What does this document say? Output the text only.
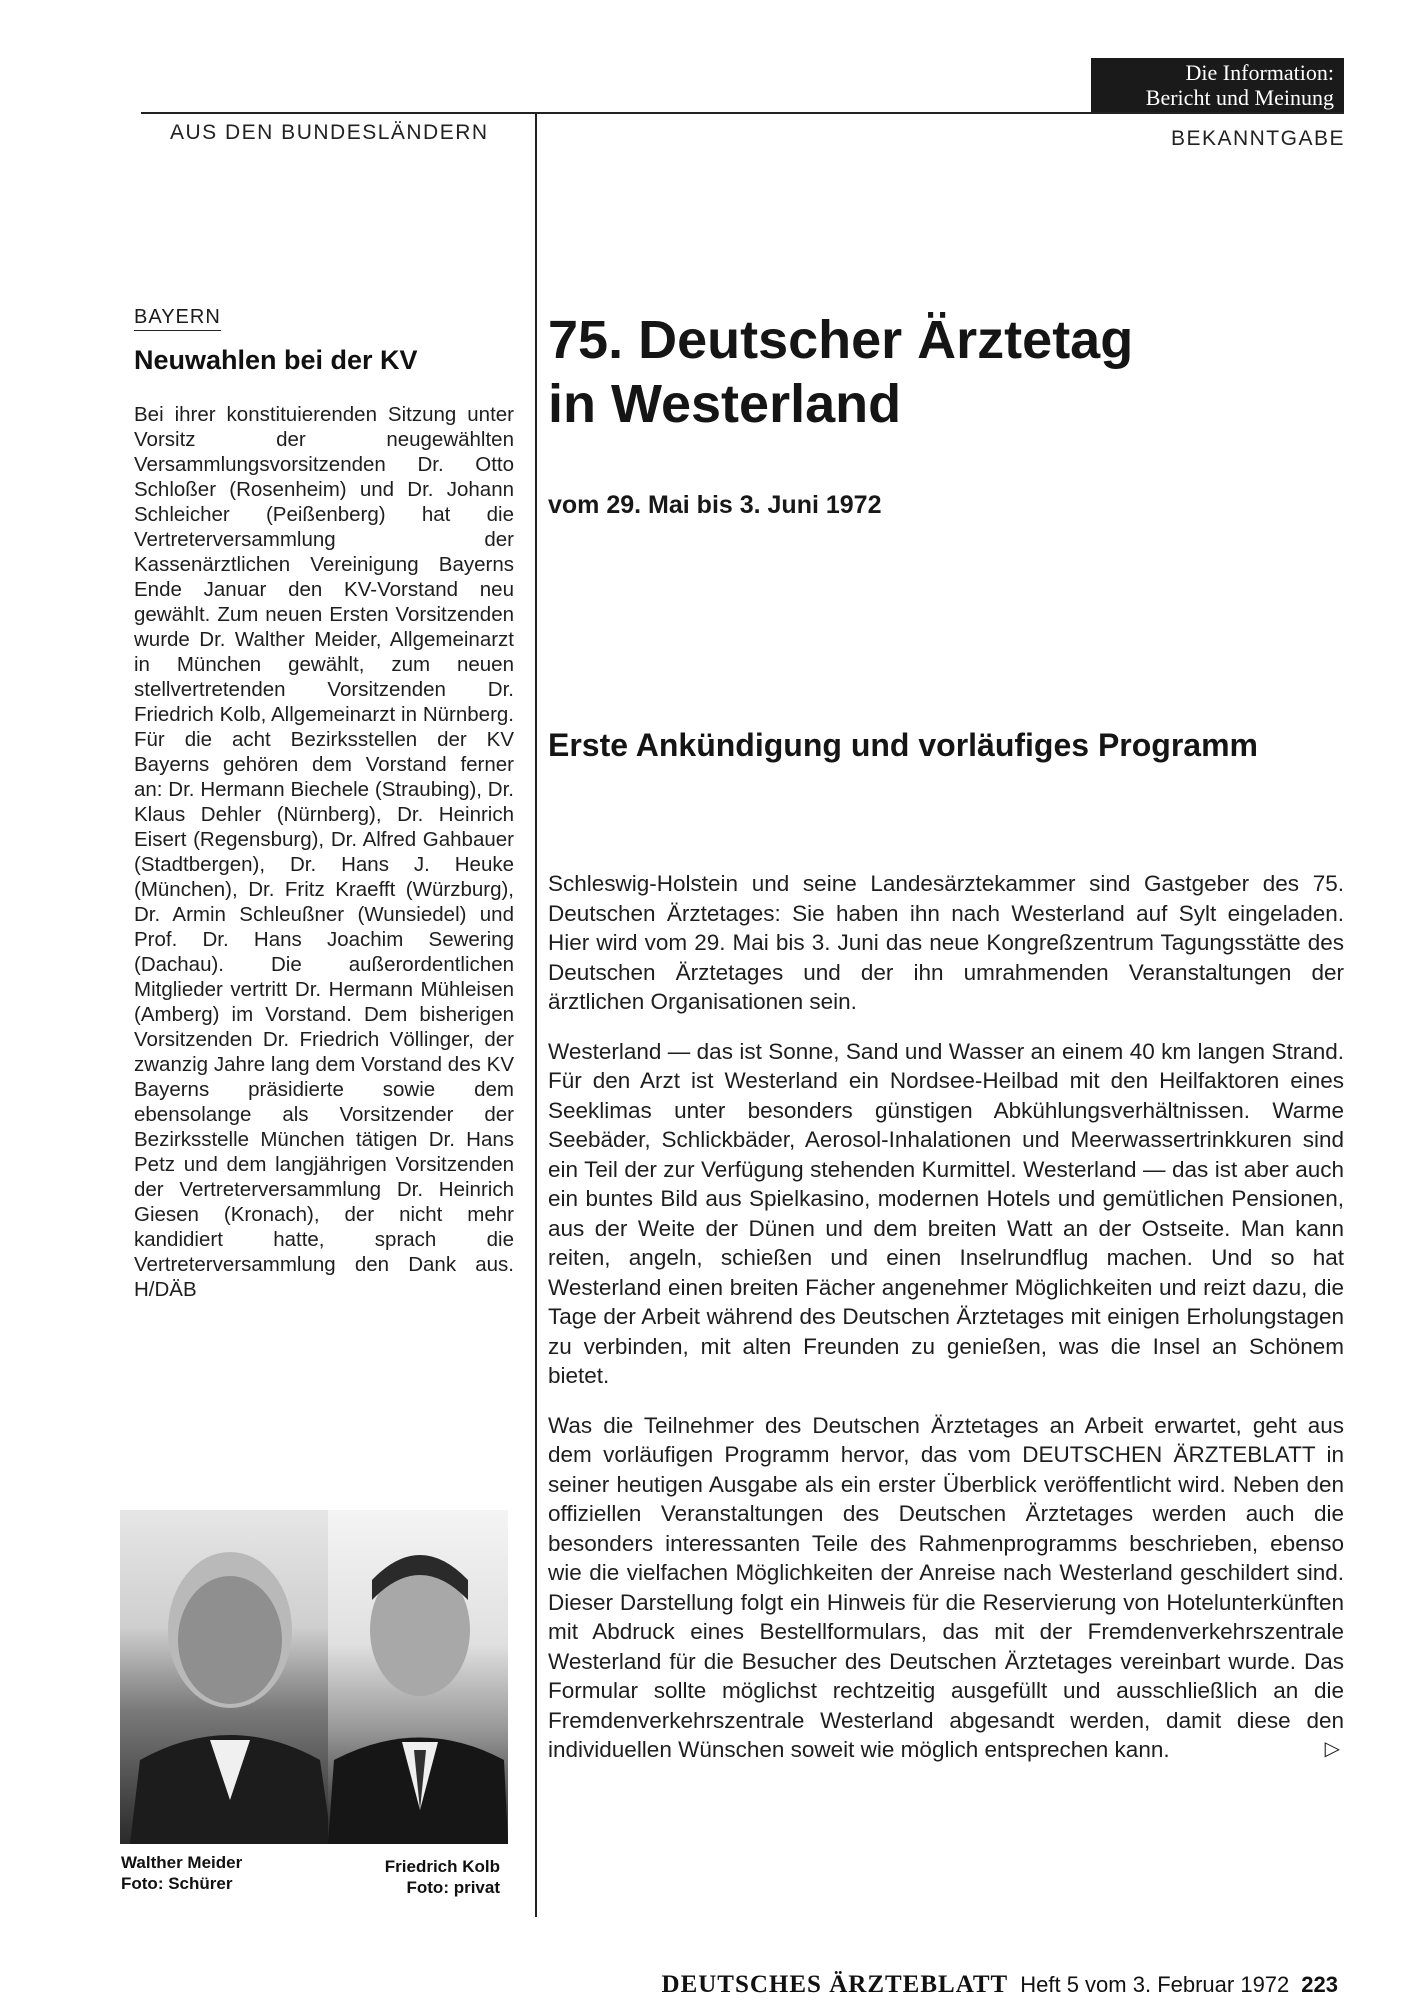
Die Information:
Bericht und Meinung
AUS DEN BUNDESLÄNDERN	BEKANNTGABE
BAYERN
Neuwahlen bei der KV
Bei ihrer konstituierenden Sitzung unter Vorsitz der neugewählten Versammlungsvorsitzenden Dr. Otto Schloßer (Rosenheim) und Dr. Johann Schleicher (Peißenberg) hat die Vertreterversammlung der Kassenärztlichen Vereinigung Bayerns Ende Januar den KV-Vorstand neu gewählt. Zum neuen Ersten Vorsitzenden wurde Dr. Walther Meider, Allgemeinarzt in München gewählt, zum neuen stellvertretenden Vorsitzenden Dr. Friedrich Kolb, Allgemeinarzt in Nürnberg. Für die acht Bezirksstellen der KV Bayerns gehören dem Vorstand ferner an: Dr. Hermann Biechele (Straubing), Dr. Klaus Dehler (Nürnberg), Dr. Heinrich Eisert (Regensburg), Dr. Alfred Gahbauer (Stadtbergen), Dr. Hans J. Heuke (München), Dr. Fritz Kraefft (Würzburg), Dr. Armin Schleußner (Wunsiedel) und Prof. Dr. Hans Joachim Sewering (Dachau). Die außerordentlichen Mitglieder vertritt Dr. Hermann Mühleisen (Amberg) im Vorstand. Dem bisherigen Vorsitzenden Dr. Friedrich Völlinger, der zwanzig Jahre lang dem Vorstand des KV Bayerns präsidierte sowie dem ebensolange als Vorsitzender der Bezirksstelle München tätigen Dr. Hans Petz und dem langjährigen Vorsitzenden der Vertreterversammlung Dr. Heinrich Giesen (Kronach), der nicht mehr kandidiert hatte, sprach die Vertreterversammlung den Dank aus. H/DÄB
Walther Meider
Foto: Schürer
Friedrich Kolb
Foto: privat
75. Deutscher Ärztetag
in Westerland
vom 29. Mai bis 3. Juni 1972
Erste Ankündigung und vorläufiges Programm

Schleswig-Holstein und seine Landesärztekammer sind Gastgeber des 75. Deutschen Ärztetages: Sie haben ihn nach Westerland auf Sylt eingeladen. Hier wird vom 29. Mai bis 3. Juni das neue Kongreßzentrum Tagungsstätte des Deutschen Ärztetages und der ihn umrahmenden Veranstaltungen der ärztlichen Organisationen sein.

Westerland — das ist Sonne, Sand und Wasser an einem 40 km langen Strand. Für den Arzt ist Westerland ein Nordsee-Heilbad mit den Heilfaktoren eines Seeklimas unter besonders günstigen Abkühlungsverhältnissen. Warme Seebäder, Schlickbäder, Aerosol-Inhalationen und Meerwassertrinkkuren sind ein Teil der zur Verfügung stehenden Kurmittel. Westerland — das ist aber auch ein buntes Bild aus Spielkasino, modernen Hotels und gemütlichen Pensionen, aus der Weite der Dünen und dem breiten Watt an der Ostseite. Man kann reiten, angeln, schießen und einen Inselrundflug machen. Und so hat Westerland einen breiten Fächer angenehmer Möglichkeiten und reizt dazu, die Tage der Arbeit während des Deutschen Ärztetages mit einigen Erholungstagen zu verbinden, mit alten Freunden zu genießen, was die Insel an Schönem bietet.

Was die Teilnehmer des Deutschen Ärztetages an Arbeit erwartet, geht aus dem vorläufigen Programm hervor, das vom DEUTSCHEN ÄRZTEBLATT in seiner heutigen Ausgabe als ein erster Überblick veröffentlicht wird. Neben den offiziellen Veranstaltungen des Deutschen Ärztetages werden auch die besonders interessanten Teile des Rahmenprogramms beschrieben, ebenso wie die vielfachen Möglichkeiten der Anreise nach Westerland geschildert sind. Dieser Darstellung folgt ein Hinweis für die Reservierung von Hotelunterkünften mit Abdruck eines Bestellformulars, das mit der Fremdenverkehrszentrale Westerland für die Besucher des Deutschen Ärztetages vereinbart wurde. Das Formular sollte möglichst rechtzeitig ausgefüllt und ausschließlich an die Fremdenverkehrszentrale Westerland abgesandt werden, damit diese den individuellen Wünschen soweit wie möglich entsprechen kann.	▷

DEUTSCHES ÄRZTEBLATT Heft 5 vom 3. Februar 1972 223
